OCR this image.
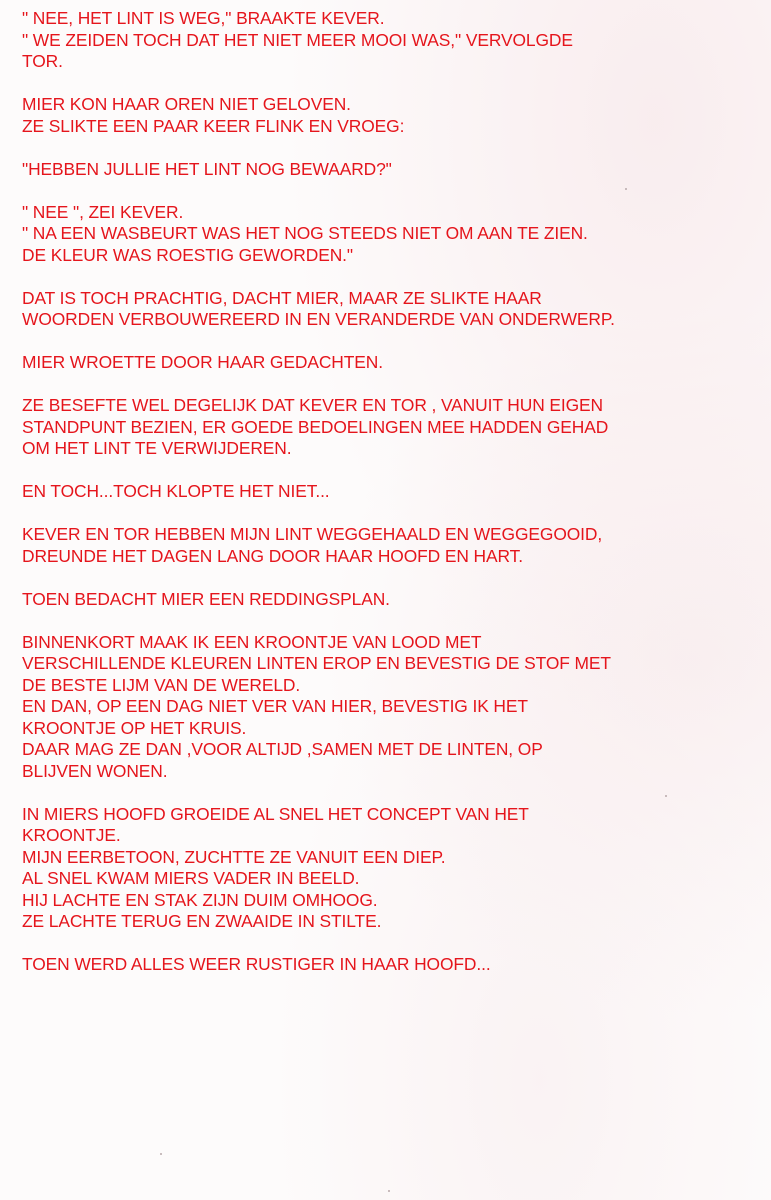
" NEE, HET LINT IS WEG," BRAAKTE KEVER.
" WE ZEIDEN TOCH DAT HET NIET MEER MOOI WAS," VERVOLGDE
TOR.

MIER KON HAAR OREN NIET GELOVEN.
ZE SLIKTE EEN PAAR KEER FLINK EN VROEG:

"HEBBEN JULLIE HET LINT NOG BEWAARD?"

" NEE ", ZEI KEVER.
" NA EEN WASBEURT WAS HET NOG STEEDS NIET OM AAN TE ZIEN.
DE KLEUR WAS ROESTIG GEWORDEN."

DAT IS TOCH PRACHTIG, DACHT MIER, MAAR ZE SLIKTE HAAR
WOORDEN VERBOUWEREERD IN EN VERANDERDE VAN ONDERWERP.

MIER WROETTE DOOR HAAR GEDACHTEN.

ZE BESEFTE WEL DEGELIJK DAT KEVER EN TOR , VANUIT HUN EIGEN
STANDPUNT BEZIEN, ER GOEDE BEDOELINGEN MEE HADDEN GEHAD
OM HET LINT TE VERWIJDEREN.

EN TOCH...TOCH KLOPTE HET NIET...

KEVER EN TOR HEBBEN MIJN LINT WEGGEHAALD EN WEGGEGOOID,
DREUNDE HET DAGEN LANG DOOR HAAR HOOFD EN HART.

TOEN BEDACHT MIER EEN REDDINGSPLAN.

BINNENKORT MAAK IK EEN KROONTJE VAN LOOD MET
VERSCHILLENDE KLEUREN LINTEN EROP EN BEVESTIG DE STOF MET
DE BESTE LIJM VAN DE WERELD.
EN DAN, OP EEN DAG NIET VER VAN HIER, BEVESTIG IK HET
KROONTJE OP HET KRUIS.
DAAR MAG ZE DAN ,VOOR ALTIJD ,SAMEN MET DE LINTEN, OP
BLIJVEN WONEN.

IN MIERS HOOFD GROEIDE AL SNEL HET CONCEPT VAN HET
KROONTJE.
MIJN EERBETOON, ZUCHTTE ZE VANUIT EEN DIEP.
AL SNEL KWAM MIERS VADER IN BEELD.
HIJ LACHTE EN STAK ZIJN DUIM OMHOOG.
ZE LACHTE TERUG EN ZWAAIDE IN STILTE.

TOEN WERD ALLES WEER RUSTIGER IN HAAR HOOFD...
